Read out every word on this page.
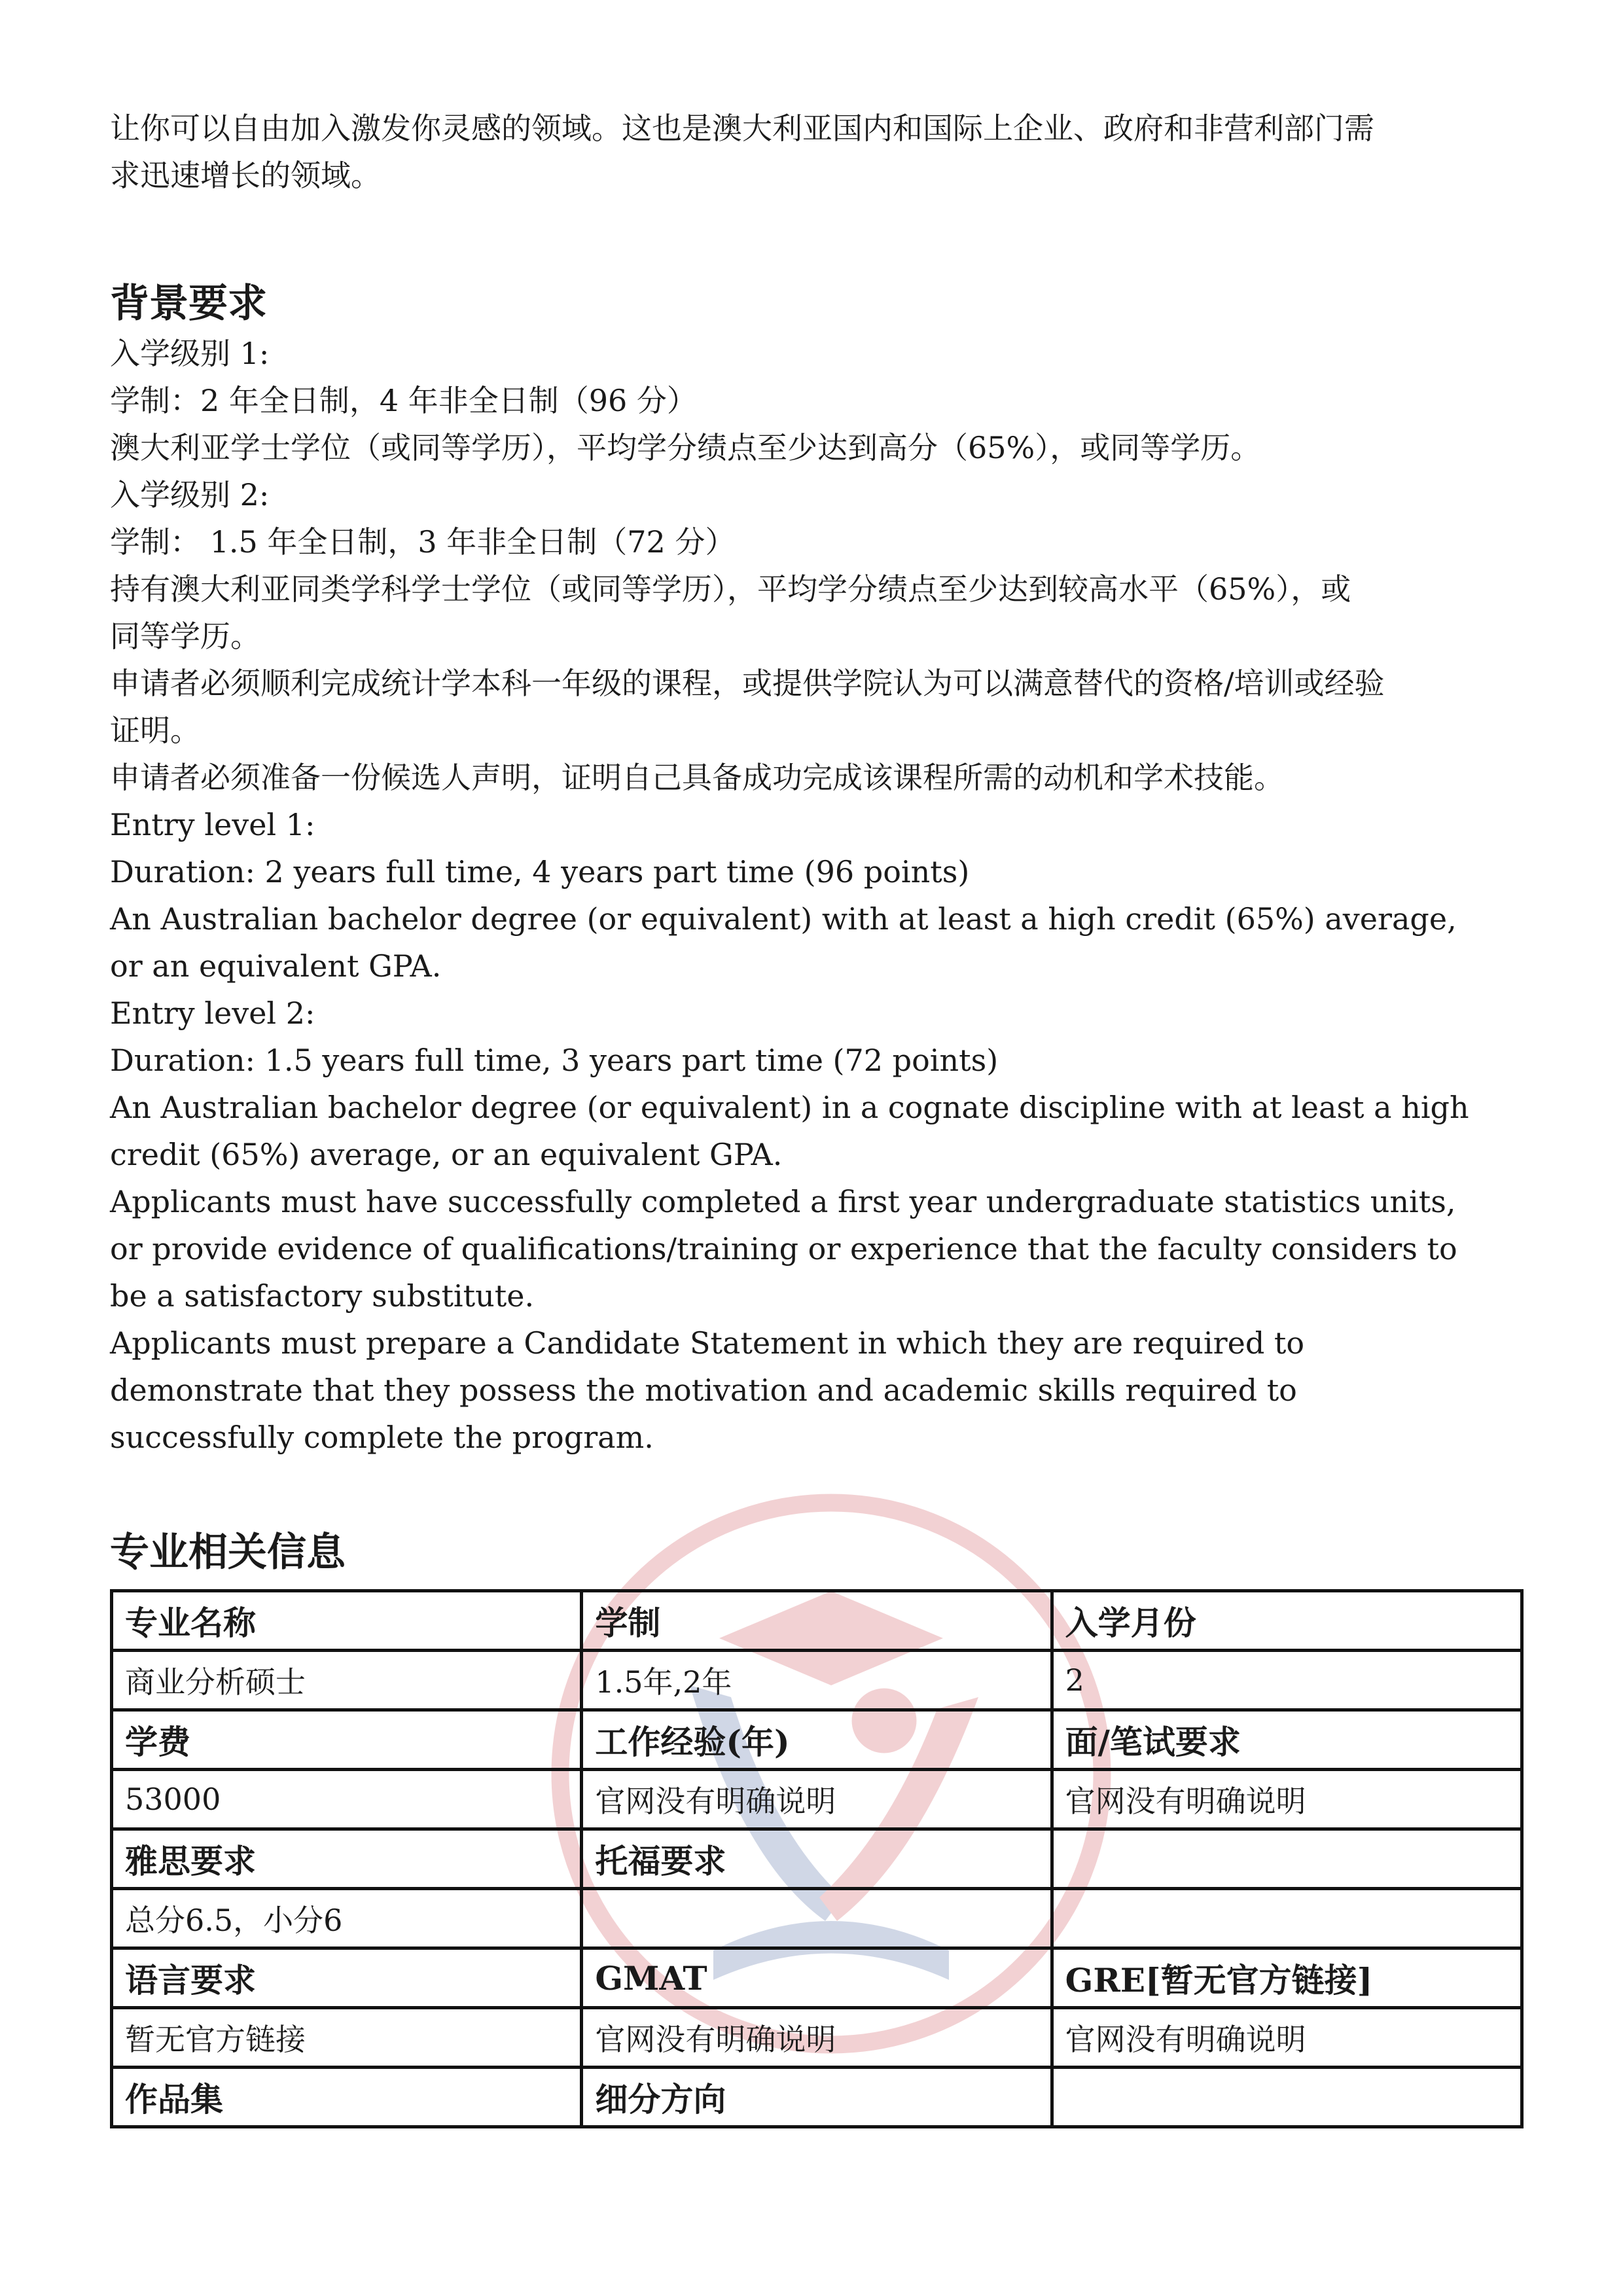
让你可以自由加入激发你灵感的领域。这也是澳大利亚国内和国际上企业、政府和非营利部门需

求迅速增长的领域。

背景要求
入学级别 1:
学制：2 年全日制，4 年非全日制（96 分）
澳大利亚学士学位（或同等学历），平均学分绩点至少达到高分（65%），或同等学历。
入学级别 2:
学制： 1.5 年全日制，3 年非全日制（72 分）
持有澳大利亚同类学科学士学位（或同等学历），平均学分绩点至少达到较高水平（65%），或
同等学历。
申请者必须顺利完成统计学本科一年级的课程，或提供学院认为可以满意替代的资格/培训或经验
证明。
申请者必须准备一份候选人声明，证明自己具备成功完成该课程所需的动机和学术技能。
Entry level 1:
Duration: 2 years full time, 4 years part time (96 points)
An Australian bachelor degree (or equivalent) with at least a high credit (65%) average,
or an equivalent GPA.
Entry level 2:
Duration: 1.5 years full time, 3 years part time (72 points)
An Australian bachelor degree (or equivalent) in a cognate discipline with at least a high
credit (65%) average, or an equivalent GPA.
Applicants must have successfully completed a first year undergraduate statistics units,
or provide evidence of qualifications/training or experience that the faculty considers to
be a satisfactory substitute.
Applicants must prepare a Candidate Statement in which they are required to
demonstrate that they possess the motivation and academic skills required to
successfully complete the program.
专业相关信息
专业名称	学制	入学月份
商业分析硕士	1.5年,2年	2
学费	工作经验(年)	面/笔试要求
53000	官网没有明确说明	官网没有明确说明
雅思要求	托福要求	
总分6.5，小分6		
语言要求	GMAT	GRE[暂无官方链接]
暂无官方链接	官网没有明确说明	官网没有明确说明
作品集	细分方向	
